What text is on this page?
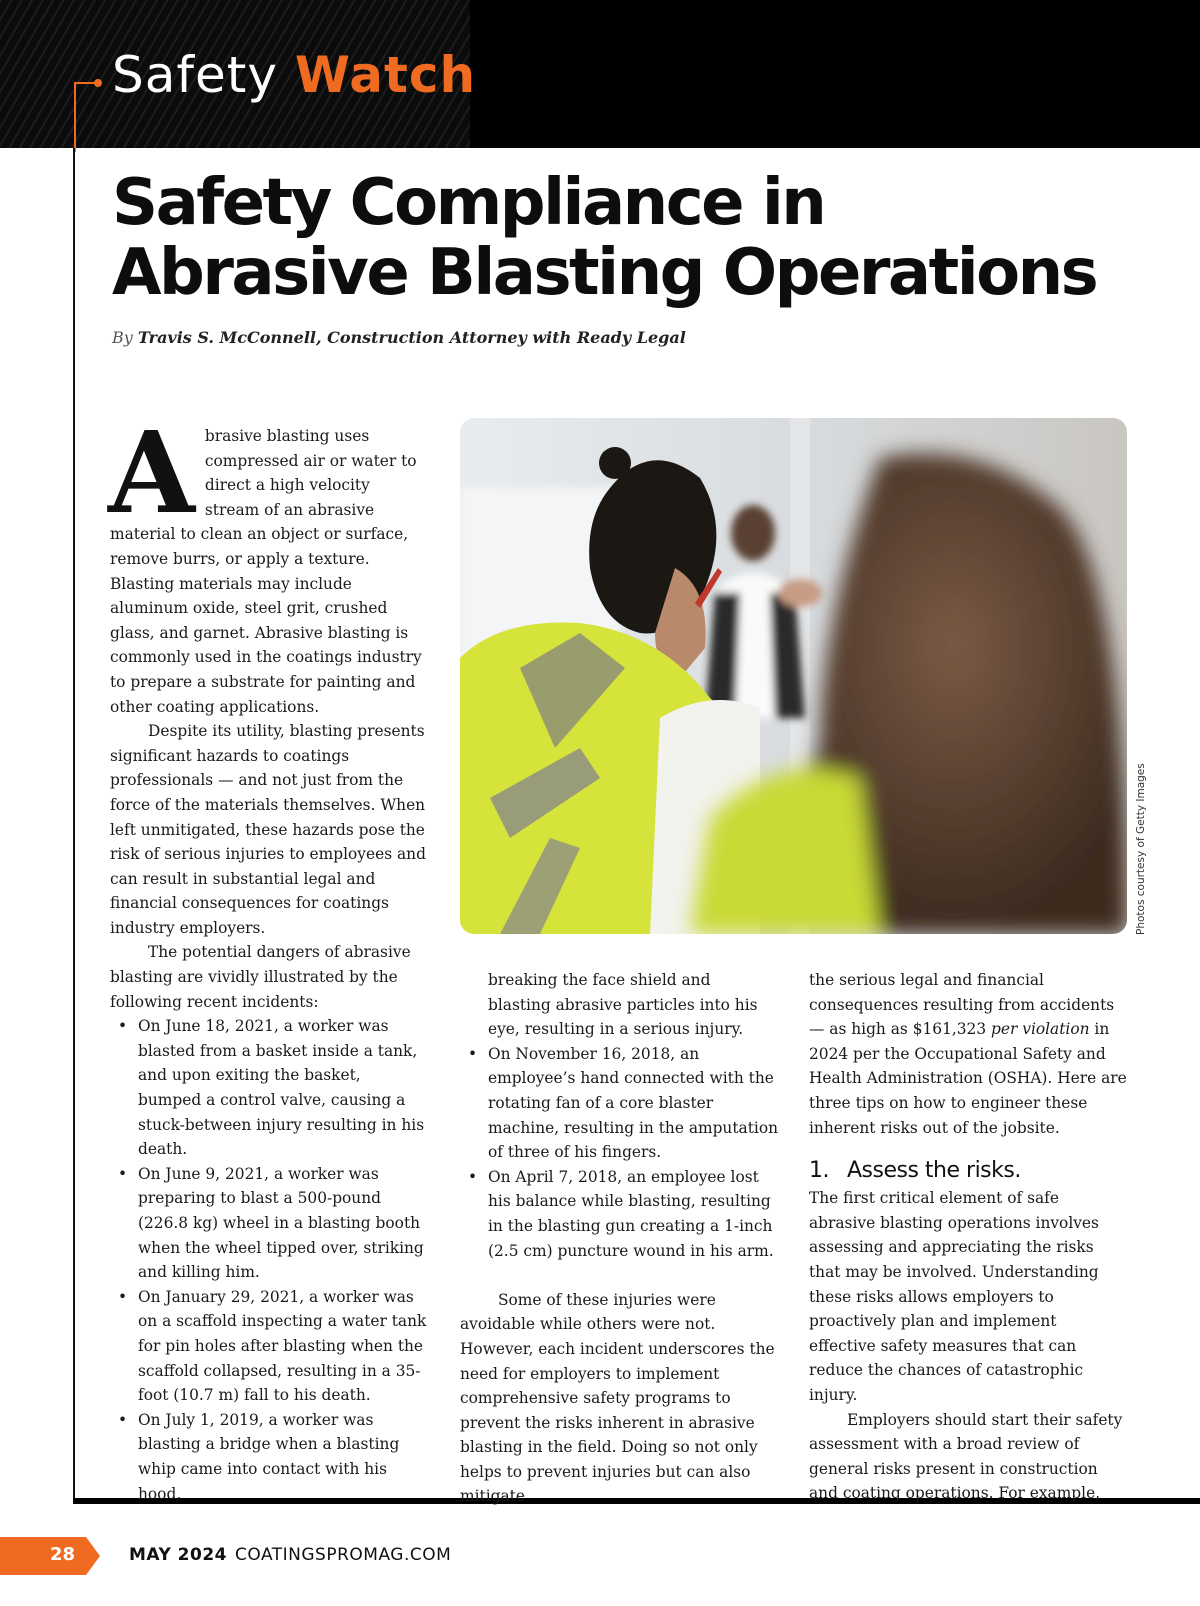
Safety Watch
Safety Compliance in Abrasive Blasting Operations
By Travis S. McConnell, Construction Attorney with Ready Legal

Abrasive blasting uses compressed air or water to direct a high velocity stream of an abrasive material to clean an object or surface, remove burrs, or apply a texture. Blasting materials may include aluminum oxide, steel grit, crushed glass, and garnet. Abrasive blasting is commonly used in the coatings industry to prepare a substrate for painting and other coating applications.

Despite its utility, blasting presents significant hazards to coatings professionals — and not just from the force of the materials themselves. When left unmitigated, these hazards pose the risk of serious injuries to employees and can result in substantial legal and financial consequences for coatings industry employers.

The potential dangers of abrasive blasting are vividly illustrated by the following recent incidents:

• On June 18, 2021, a worker was blasted from a basket inside a tank, and upon exiting the basket, bumped a control valve, causing a stuck-between injury resulting in his death.
• On June 9, 2021, a worker was preparing to blast a 500-pound (226.8 kg) wheel in a blasting booth when the wheel tipped over, striking and killing him.
• On January 29, 2021, a worker was on a scaffold inspecting a water tank for pin holes after blasting when the scaffold collapsed, resulting in a 35-foot (10.7 m) fall to his death.
• On July 1, 2019, a worker was blasting a bridge when a blasting whip came into contact with his hood,
Photos courtesy of Getty Images
breaking the face shield and blasting abrasive particles into his eye, resulting in a serious injury.
• On November 16, 2018, an employee’s hand connected with the rotating fan of a core blaster machine, resulting in the amputation of three of his fingers.
• On April 7, 2018, an employee lost his balance while blasting, resulting in the blasting gun creating a 1-inch (2.5 cm) puncture wound in his arm.

Some of these injuries were avoidable while others were not. However, each incident underscores the need for employers to implement comprehensive safety programs to prevent the risks inherent in abrasive blasting in the field. Doing so not only helps to prevent injuries but can also mitigate

the serious legal and financial consequences resulting from accidents — as high as $161,323 per violation in 2024 per the Occupational Safety and Health Administration (OSHA). Here are three tips on how to engineer these inherent risks out of the jobsite.

1. Assess the risks.

The first critical element of safe abrasive blasting operations involves assessing and appreciating the risks that may be involved. Understanding these risks allows employers to proactively plan and implement effective safety measures that can reduce the chances of catastrophic injury.

Employers should start their safety assessment with a broad review of general risks present in construction and coating operations. For example,

28	MAY 2024 COATINGSPROMAG.COM
